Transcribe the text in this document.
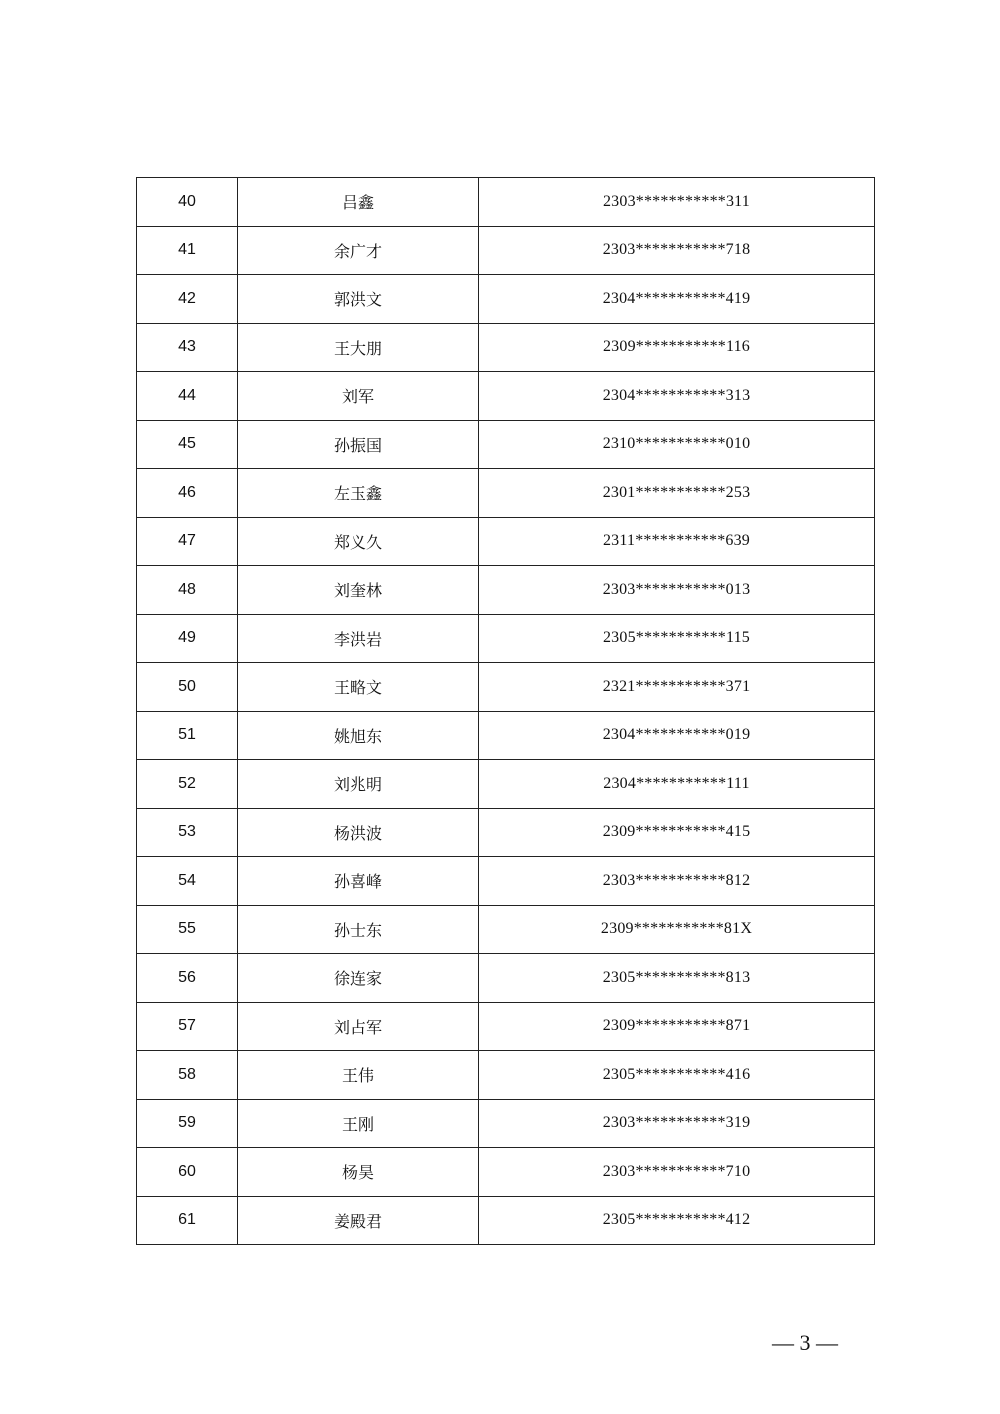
40	吕鑫	2303***********311
41	余广才	2303***********718
42	郭洪文	2304***********419
43	王大朋	2309***********116
44	刘军	2304***********313
45	孙振国	2310***********010
46	左玉鑫	2301***********253
47	郑义久	2311***********639
48	刘奎林	2303***********013
49	李洪岩	2305***********115
50	王略文	2321***********371
51	姚旭东	2304***********019
52	刘兆明	2304***********111
53	杨洪波	2309***********415
54	孙喜峰	2303***********812
55	孙士东	2309***********81X
56	徐连家	2305***********813
57	刘占军	2309***********871
58	王伟	2305***********416
59	王刚	2303***********319
60	杨昊	2303***********710
61	姜殿君	2305***********412
— 3 —
